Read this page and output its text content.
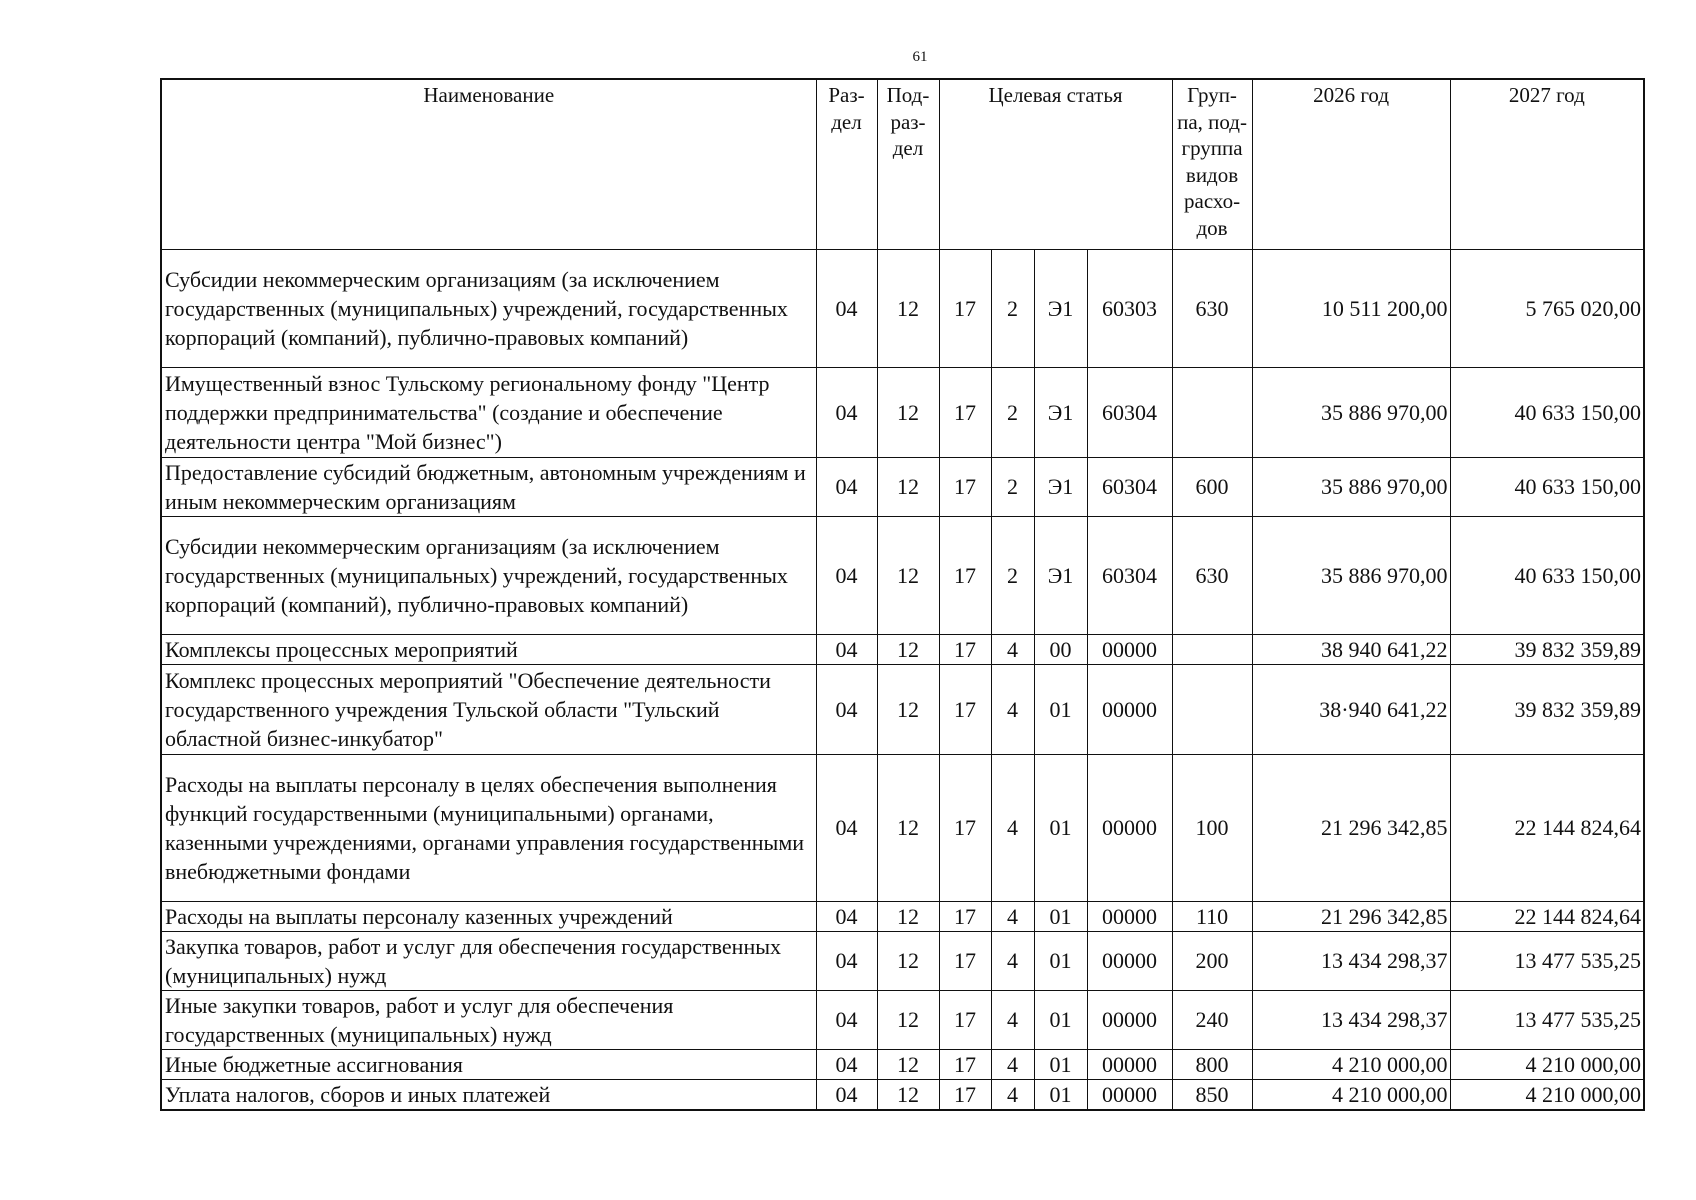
61
Наименование	Раз- дел	Под- раз- дел	Целевая статья				Груп- па, под- группа видов расхо- дов	2026 год	2027 год

Субсидии некоммерческим организациям (за исключением государственных (муниципальных) учреждений, государственных корпораций (компаний), публично-правовых компаний)	04	12	17	2	Э1	60303	630	10 511 200,00	5 765 020,00
Имущественный взнос Тульскому региональному фонду "Центр поддержки предпринимательства" (создание и обеспечение деятельности центра "Мой бизнес")	04	12	17	2	Э1	60304		35 886 970,00	40 633 150,00
Предоставление субсидий бюджетным, автономным учреждениям и иным некоммерческим организациям	04	12	17	2	Э1	60304	600	35 886 970,00	40 633 150,00
Субсидии некоммерческим организациям (за исключением государственных (муниципальных) учреждений, государственных корпораций (компаний), публично-правовых компаний)	04	12	17	2	Э1	60304	630	35 886 970,00	40 633 150,00
Комплексы процессных мероприятий	04	12	17	4	00	00000		38 940 641,22	39 832 359,89
Комплекс процессных мероприятий "Обеспечение деятельности государственного учреждения Тульской области "Тульский областной бизнес-инкубатор"	04	12	17	4	01	00000		38·940 641,22	39 832 359,89
Расходы на выплаты персоналу в целях обеспечения выполнения функций государственными (муниципальными) органами, казенными учреждениями, органами управления государственными внебюджетными фондами	04	12	17	4	01	00000	100	21 296 342,85	22 144 824,64
Расходы на выплаты персоналу казенных учреждений	04	12	17	4	01	00000	110	21 296 342,85	22 144 824,64
Закупка товаров, работ и услуг для обеспечения государственных (муниципальных) нужд	04	12	17	4	01	00000	200	13 434 298,37	13 477 535,25
Иные закупки товаров, работ и услуг для обеспечения государственных (муниципальных) нужд	04	12	17	4	01	00000	240	13 434 298,37	13 477 535,25
Иные бюджетные ассигнования	04	12	17	4	01	00000	800	4 210 000,00	4 210 000,00
Уплата налогов, сборов и иных платежей	04	12	17	4	01	00000	850	4 210 000,00	4 210 000,00
